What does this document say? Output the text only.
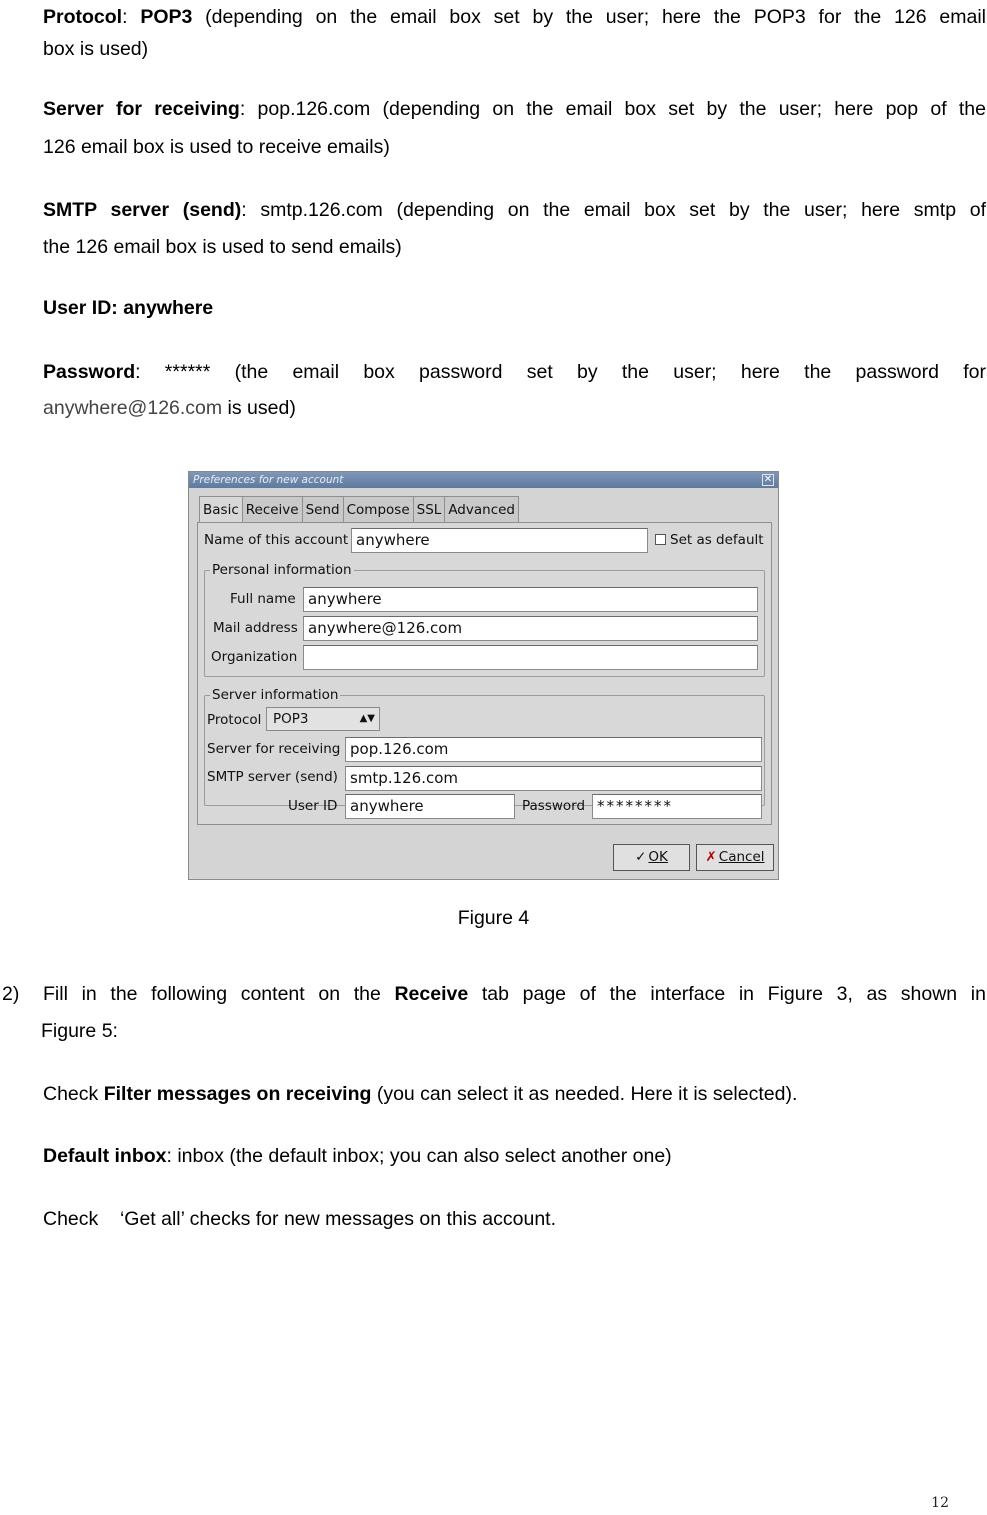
Protocol: POP3 (depending on the email box set by the user; here the POP3 for the 126 email
box is used)
Server for receiving: pop.126.com (depending on the email box set by the user; here pop of the
126 email box is used to receive emails)
SMTP server (send): smtp.126.com (depending on the email box set by the user; here smtp of
the 126 email box is used to send emails)
User ID: anywhere
Password: ****** (the email box password set by the user; here the password for
anywhere@126.com is used)
Preferences for new account	✕
Basic Receive Send Compose SSL Advanced
Name of this account anywhere	Set as default
Personal information
Full name anywhere
Mail address anywhere@126.com
Organization
Server information
Protocol POP3	▲▼
Server for receiving pop.126.com
SMTP server (send) smtp.126.com
User ID anywhere	Password ********
✓ OK	✗ Cancel
Figure 4
2) Fill in the following content on the Receive tab page of the interface in Figure 3, as shown in
Figure 5:
Check Filter messages on receiving (you can select it as needed. Here it is selected).
Default inbox: inbox (the default inbox; you can also select another one)
Check    ‘Get all’ checks for new messages on this account.
12
